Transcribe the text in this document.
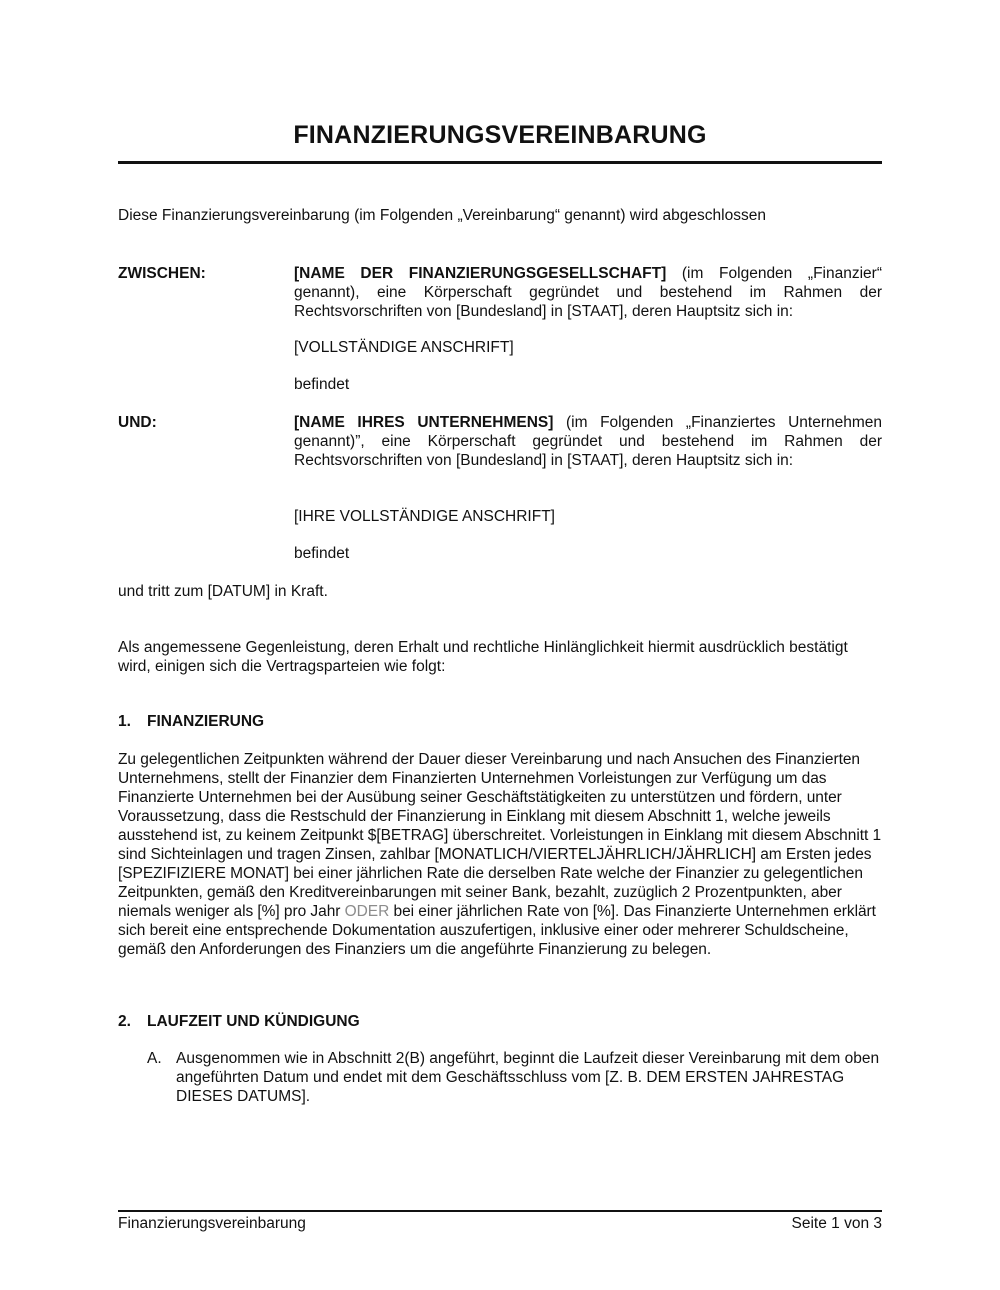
FINANZIERUNGSVEREINBARUNG
Diese Finanzierungsvereinbarung (im Folgenden „Vereinbarung“ genannt) wird abgeschlossen
ZWISCHEN:	[NAME DER FINANZIERUNGSGESELLSCHAFT] (im Folgenden „Finanzier“ genannt), eine Körperschaft gegründet und bestehend im Rahmen der Rechtsvorschriften von [Bundesland] in [STAAT], deren Hauptsitz sich in:
[VOLLSTÄNDIGE ANSCHRIFT]
befindet
UND:	[NAME IHRES UNTERNEHMENS] (im Folgenden „Finanziertes Unternehmen genannt)”, eine Körperschaft gegründet und bestehend im Rahmen der Rechtsvorschriften von [Bundesland] in [STAAT], deren Hauptsitz sich in:
[IHRE VOLLSTÄNDIGE ANSCHRIFT]
befindet
und tritt zum [DATUM] in Kraft.
Als angemessene Gegenleistung, deren Erhalt und rechtliche Hinlänglichkeit hiermit ausdrücklich bestätigt wird, einigen sich die Vertragsparteien wie folgt:
1. FINANZIERUNG
Zu gelegentlichen Zeitpunkten während der Dauer dieser Vereinbarung und nach Ansuchen des Finanzierten Unternehmens, stellt der Finanzier dem Finanzierten Unternehmen Vorleistungen zur Verfügung um das Finanzierte Unternehmen bei der Ausübung seiner Geschäftstätigkeiten zu unterstützen und fördern, unter Voraussetzung, dass die Restschuld der Finanzierung in Einklang mit diesem Abschnitt 1, welche jeweils ausstehend ist, zu keinem Zeitpunkt $[BETRAG] überschreitet. Vorleistungen in Einklang mit diesem Abschnitt 1 sind Sichteinlagen und tragen Zinsen, zahlbar [MONATLICH/VIERTELJÄHRLICH/JÄHRLICH] am Ersten jedes [SPEZIFIZIERE MONAT] bei einer jährlichen Rate die derselben Rate welche der Finanzier zu gelegentlichen Zeitpunkten, gemäß den Kreditvereinbarungen mit seiner Bank, bezahlt, zuzüglich 2 Prozentpunkten, aber niemals weniger als [%] pro Jahr ODER bei einer jährlichen Rate von [%]. Das Finanzierte Unternehmen erklärt sich bereit eine entsprechende Dokumentation auszufertigen, inklusive einer oder mehrerer Schuldscheine, gemäß den Anforderungen des Finanziers um die angeführte Finanzierung zu belegen.
2. LAUFZEIT UND KÜNDIGUNG
A. Ausgenommen wie in Abschnitt 2(B) angeführt, beginnt die Laufzeit dieser Vereinbarung mit dem oben angeführten Datum und endet mit dem Geschäftsschluss vom [Z. B. DEM ERSTEN JAHRESTAG DIESES DATUMS].
Finanzierungsvereinbarung	Seite 1 von 3
